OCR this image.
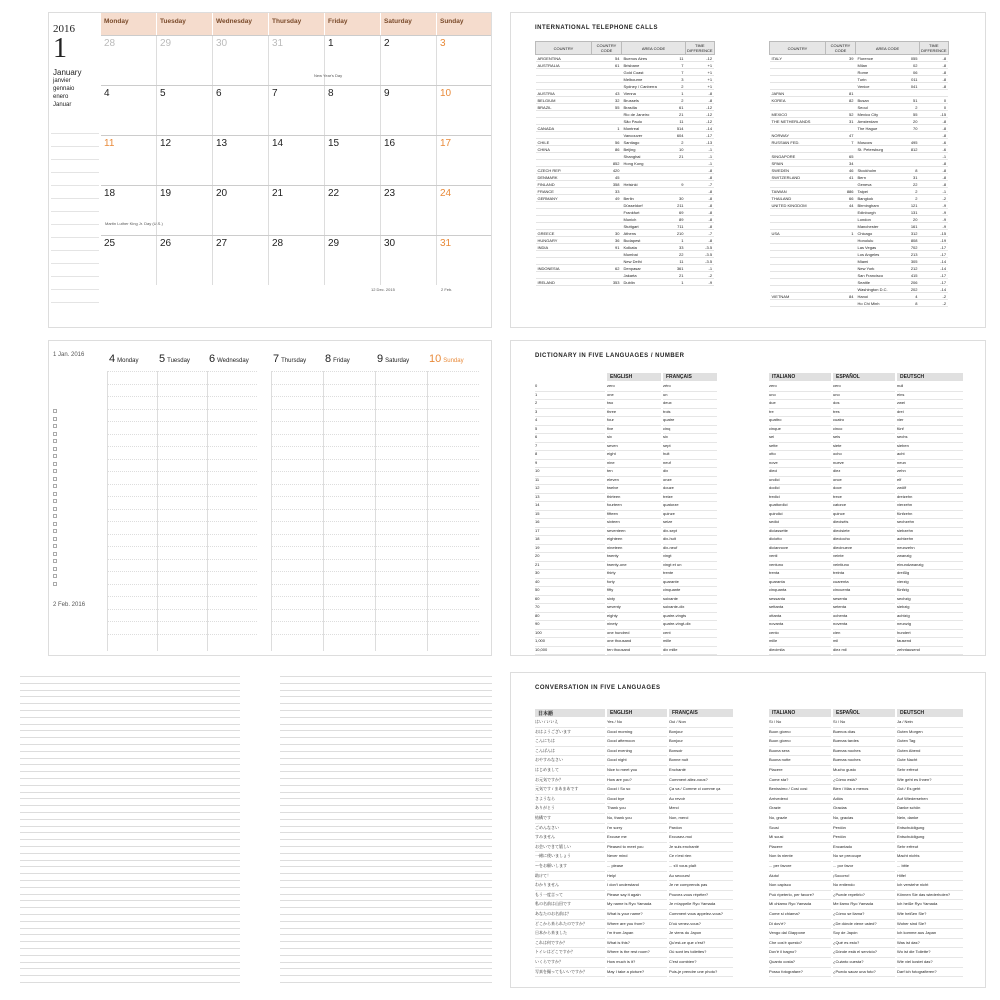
2016
1
January
janvier
gennaio
enero
Januar
Monday	Tuesday	Wednesday	Thursday	Friday	Saturday	Sunday
28	29	30	31	1	2	3
4	5	6	7	8	9	10
11	12	13	14	15	16	17
18	19	20	21	22	23	24
25	26	27	28	29	30	31
12 Dec. 2015	2 Feb.
New Year's Day
Martin Luther King Jr. Day (U.S.)
INTERNATIONAL TELEPHONE CALLS
COUNTRY	COUNTRY CODE	AREA CODE		TIME DIFFERENCE
ARGENTINA	54	Buenos Aires	11	-12
AUSTRALIA	61	Brisbane	7	+1
		Gold Coast	7	+1
		Melbourne	3	+1
		Sydney / Canberra	2	+1
AUSTRIA	43	Vienna	1	-8
BELGIUM	32	Brussels	2	-8
BRAZIL	55	Brasília	61	-12
		Rio de Janeiro	21	-12
		São Paulo	11	-12
CANADA	1	Montreal	514	-14
		Vancouver	604	-17
CHILE	56	Santiago	2	-13
CHINA	86	Beijing	10	-1
		Shanghai	21	-1
	852	Hong Kong		-1
CZECH REP.	420			-8
DENMARK	45			-8
FINLAND	358	Helsinki	9	-7
FRANCE	33			-8
GERMANY	49	Berlin	30	-8
		Düsseldorf	211	-8
		Frankfurt	69	-8
		Munich	89	-8
		Stuttgart	711	-8
GREECE	30	Athens	210	-7
HUNGARY	36	Budapest	1	-8
INDIA	91	Kolkata	33	-3.5
		Mumbai	22	-3.5
		New Delhi	11	-3.5
INDONESIA	62	Denpasar	361	-1
		Jakarta	21	-2
IRELAND	353	Dublin	1	-9
COUNTRY	COUNTRY CODE	AREA CODE		TIME DIFFERENCE
ITALY	39	Florence	055	-8
		Milan	02	-8
		Rome	06	-8
		Turin	011	-8
		Venice	041	-8
JAPAN	81			
KOREA	82	Busan	51	0
		Seoul	2	0
MEXICO	52	Mexico City	55	-15
THE NETHERLANDS	31	Amsterdam	20	-8
		The Hague	70	-8
NORWAY	47			-8
RUSSIAN FED.	7	Moscow	495	-6
		St. Petersburg	812	-6
SINGAPORE	65			-1
SPAIN	34			-8
SWEDEN	46	Stockholm	8	-8
SWITZERLAND	41	Bern	31	-8
		Geneva	22	-8
TAIWAN	886	Taipei	2	-1
THAILAND	66	Bangkok	2	-2
UNITED KINGDOM	44	Birmingham	121	-9
		Edinburgh	131	-9
		London	20	-9
		Manchester	161	-9
USA	1	Chicago	312	-15
		Honolulu	808	-19
		Las Vegas	702	-17
		Los Angeles	213	-17
		Miami	305	-14
		New York	212	-14
		San Francisco	415	-17
		Seattle	206	-17
		Washington D.C.	202	-14
VIETNAM	84	Hanoi	4	-2
		Ho Chi Minh	8	-2
1 Jan. 2016
2 Feb. 2016
4 Monday 5 Tuesday 6 Wednesday 7 Thursday 8 Friday 9 Saturday 10 Sunday
DICTIONARY IN FIVE LANGUAGES / NUMBER
ENGLISH	FRANÇAIS	ITALIANO	ESPAÑOL	DEUTSCH
0	zero	zéro	zero	cero	null
1	one	un	uno	uno	eins
2	two	deux	due	dos	zwei
3	three	trois	tre	tres	drei
4	four	quatre	quattro	cuatro	vier
5	five	cinq	cinque	cinco	fünf
6	six	six	sei	seis	sechs
7	seven	sept	sette	siete	sieben
8	eight	huit	otto	ocho	acht
9	nine	neuf	nove	nueve	neun
10	ten	dix	dieci	diez	zehn
11	eleven	onze	undici	once	elf
12	twelve	douze	dodici	doce	zwölf
13	thirteen	treize	tredici	trece	dreizehn
14	fourteen	quatorze	quattordici	catorce	vierzehn
15	fifteen	quinze	quindici	quince	fünfzehn
16	sixteen	seize	sedici	dieciséis	sechzehn
17	seventeen	dix-sept	diciassette	diecisiete	siebzehn
18	eighteen	dix-huit	diciotto	dieciocho	achtzehn
19	nineteen	dix-neuf	diciannove	diecinueve	neunzehn
20	twenty	vingt	venti	veinte	zwanzig
21	twenty-one	vingt et un	ventuno	veintiuno	einundzwanzig
30	thirty	trente	trenta	treinta	dreißig
40	forty	quarante	quaranta	cuarenta	vierzig
50	fifty	cinquante	cinquanta	cincuenta	fünfzig
60	sixty	soixante	sessanta	sesenta	sechzig
70	seventy	soixante-dix	settanta	setenta	siebzig
80	eighty	quatre-vingts	ottanta	ochenta	achtzig
90	ninety	quatre-vingt-dix	novanta	noventa	neunzig
100	one hundred	cent	cento	cien	hundert
1,000	one thousand	mille	mille	mil	tausend
10,000	ten thousand	dix mille	diecimila	diez mil	zehntausend
CONVERSATION IN FIVE LANGUAGES
日本語	ENGLISH	FRANÇAIS	ITALIANO	ESPAÑOL	DEUTSCH
はい / いいえ	Yes / No	Oui / Non	Sì / No	Sí / No	Ja / Nein
おはようございます	Good morning	Bonjour	Buon giorno	Buenos días	Guten Morgen
こんにちは	Good afternoon	Bonjour	Buon giorno	Buenas tardes	Guten Tag
こんばんは	Good evening	Bonsoir	Buona sera	Buenas noches	Guten Abend
おやすみなさい	Good night	Bonne nuit	Buona notte	Buenas noches	Gute Nacht
はじめまして	Nice to meet you	Enchanté	Piacere	Mucho gusto	Sehr erfreut
お元気ですか？	How are you?	Comment allez-vous?	Come sta?	¿Cómo está?	Wie geht es Ihnen?
元気です / まあまあです	Good / So so	Ça va / Comme ci comme ça	Benissimo / Così così	Bien / Más o menos	Gut / Es geht
さようなら	Good bye	Au revoir	Arrivederci	Adiós	Auf Wiedersehen
ありがとう	Thank you	Merci	Grazie	Gracias	Danke schön
結構です	No, thank you	Non, merci	No, grazie	No, gracias	Nein, danke
ごめんなさい	I'm sorry	Pardon	Scusi	Perdón	Entschuldigung
すみません	Excuse me	Excusez-moi	Mi scusi	Perdón	Entschuldigung
お会いできて嬉しい	Pleased to meet you	Je suis enchanté	Piacere	Encantado	Sehr erfreut
一緒に使いましょう	Never mind	Ce n'est rien	Non fa niente	No se preocupe	Macht nichts
〜をお願いします	... please	... s'il vous plaît	... per favore	... por favor	... bitte
助けて！	Help!	Au secours!	Aiuto!	¡Socorro!	Hilfe!
わかりません	I don't understand	Je ne comprends pas	Non capisco	No entiendo	Ich verstehe nicht
もう一度言って	Please say it again	Pouvez-vous répéter?	Può ripeterlo, per favore?	¿Puede repetirlo?	Können Sie das wiederholen?
私の名前は山田です	My name is Ryo Yamada	Je m'appelle Ryo Yamada	Mi chiamo Ryo Yamada	Me llamo Ryo Yamada	Ich heiße Ryo Yamada
あなたのお名前は？	What is your name?	Comment vous appelez-vous?	Come si chiama?	¿Cómo se llama?	Wie heißen Sie?
どこから来られたのですか？	Where are you from?	D'où venez-vous?	Di dov'è?	¿De dónde viene usted?	Woher sind Sie?
日本から来ました	I'm from Japan	Je viens du Japon	Vengo dal Giappone	Soy de Japón	Ich komme aus Japan
これは何ですか？	What is this?	Qu'est-ce que c'est?	Che cos'è questo?	¿Qué es esto?	Was ist das?
トイレはどこですか？	Where is the rest room?	Où sont les toilettes?	Dov'è il bagno?	¿Dónde está el servicio?	Wo ist die Toilette?
いくらですか？	How much is it?	C'est combien?	Quanto costa?	¿Cuánto cuesta?	Wie viel kostet das?
写真を撮ってもいいですか？	May I take a picture?	Puis-je prendre une photo?	Posso fotografare?	¿Puedo sacar una foto?	Darf ich fotografieren?
